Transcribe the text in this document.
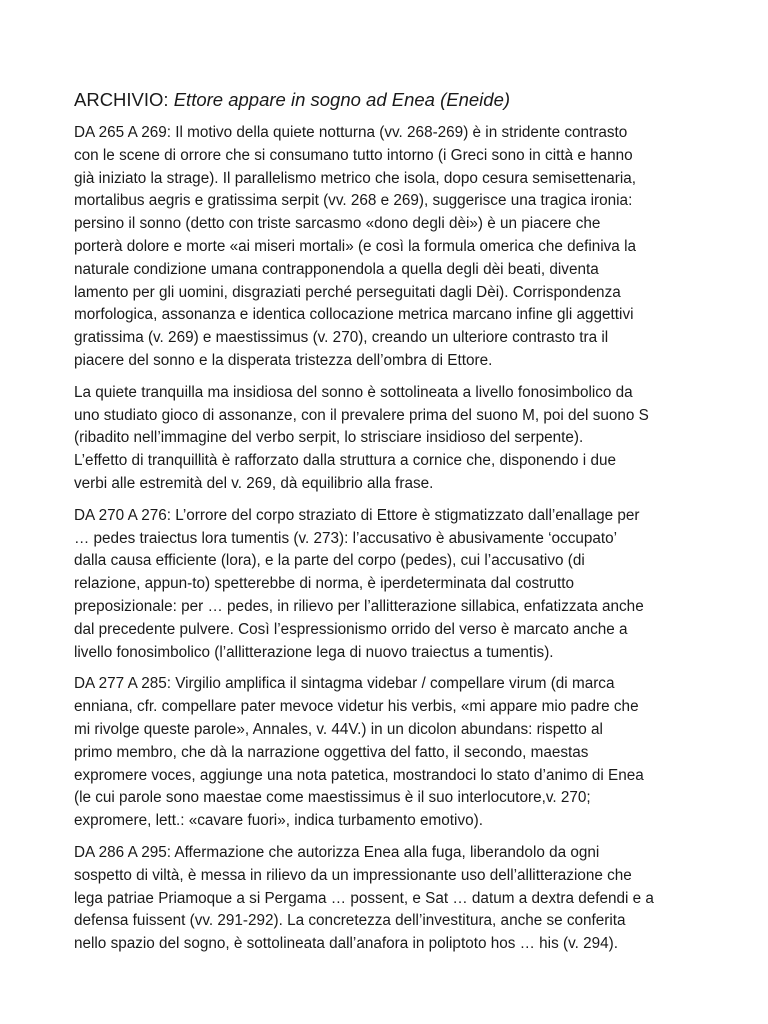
ARCHIVIO: Ettore appare in sogno ad Enea (Eneide)

DA 265 A 269: Il motivo della quiete notturna (vv. 268-269) è in stridente contrasto
con le scene di orrore che si consumano tutto intorno (i Greci sono in città e hanno
già iniziato la strage). Il parallelismo metrico che isola, dopo cesura semisettenaria,
mortalibus aegris e gratissima serpit (vv. 268 e 269), suggerisce una tragica ironia:
persino il sonno (detto con triste sarcasmo «dono degli dèi») è un piacere che
porterà dolore e morte «ai miseri mortali» (e così la formula omerica che definiva la
naturale condizione umana contrapponendola a quella degli dèi beati, diventa
lamento per gli uomini, disgraziati perché perseguitati dagli Dèi). Corrispondenza
morfologica, assonanza e identica collocazione metrica marcano infine gli aggettivi
gratissima (v. 269) e maestissimus (v. 270), creando un ulteriore contrasto tra il
piacere del sonno e la disperata tristezza dell’ombra di Ettore.

La quiete tranquilla ma insidiosa del sonno è sottolineata a livello fonosimbolico da
uno studiato gioco di assonanze, con il prevalere prima del suono M, poi del suono S
(ribadito nell’immagine del verbo serpit, lo strisciare insidioso del serpente).
L’effetto di tranquillità è rafforzato dalla struttura a cornice che, disponendo i due
verbi alle estremità del v. 269, dà equilibrio alla frase.

DA 270 A 276: L’orrore del corpo straziato di Ettore è stigmatizzato dall’enallage per
… pedes traiectus lora tumentis (v. 273): l’accusativo è abusivamente ‘occupato’
dalla causa efficiente (lora), e la parte del corpo (pedes), cui l’accusativo (di
relazione, appun-to) spetterebbe di norma, è iperdeterminata dal costrutto
preposizionale: per … pedes, in rilievo per l’allitterazione sillabica, enfatizzata anche
dal precedente pulvere. Così l’espressionismo orrido del verso è marcato anche a
livello fonosimbolico (l’allitterazione lega di nuovo traiectus a tumentis).

DA 277 A 285: Virgilio amplifica il sintagma videbar / compellare virum (di marca
enniana, cfr. compellare pater mevoce videtur his verbis, «mi appare mio padre che
mi rivolge queste parole», Annales, v. 44V.) in un dicolon abundans: rispetto al
primo membro, che dà la narrazione oggettiva del fatto, il secondo, maestas
expromere voces, aggiunge una nota patetica, mostrandoci lo stato d’animo di Enea
(le cui parole sono maestae come maestissimus è il suo interlocutore,v. 270;
expromere, lett.: «cavare fuori», indica turbamento emotivo).

DA 286 A 295: Affermazione che autorizza Enea alla fuga, liberandolo da ogni
sospetto di viltà, è messa in rilievo da un impressionante uso dell’allitterazione che
lega patriae Priamoque a si Pergama … possent, e Sat … datum a dextra defendi e a
defensa fuissent (vv. 291-292). La concretezza dell’investitura, anche se conferita
nello spazio del sogno, è sottolineata dall’anafora in poliptoto hos … his (v. 294).
